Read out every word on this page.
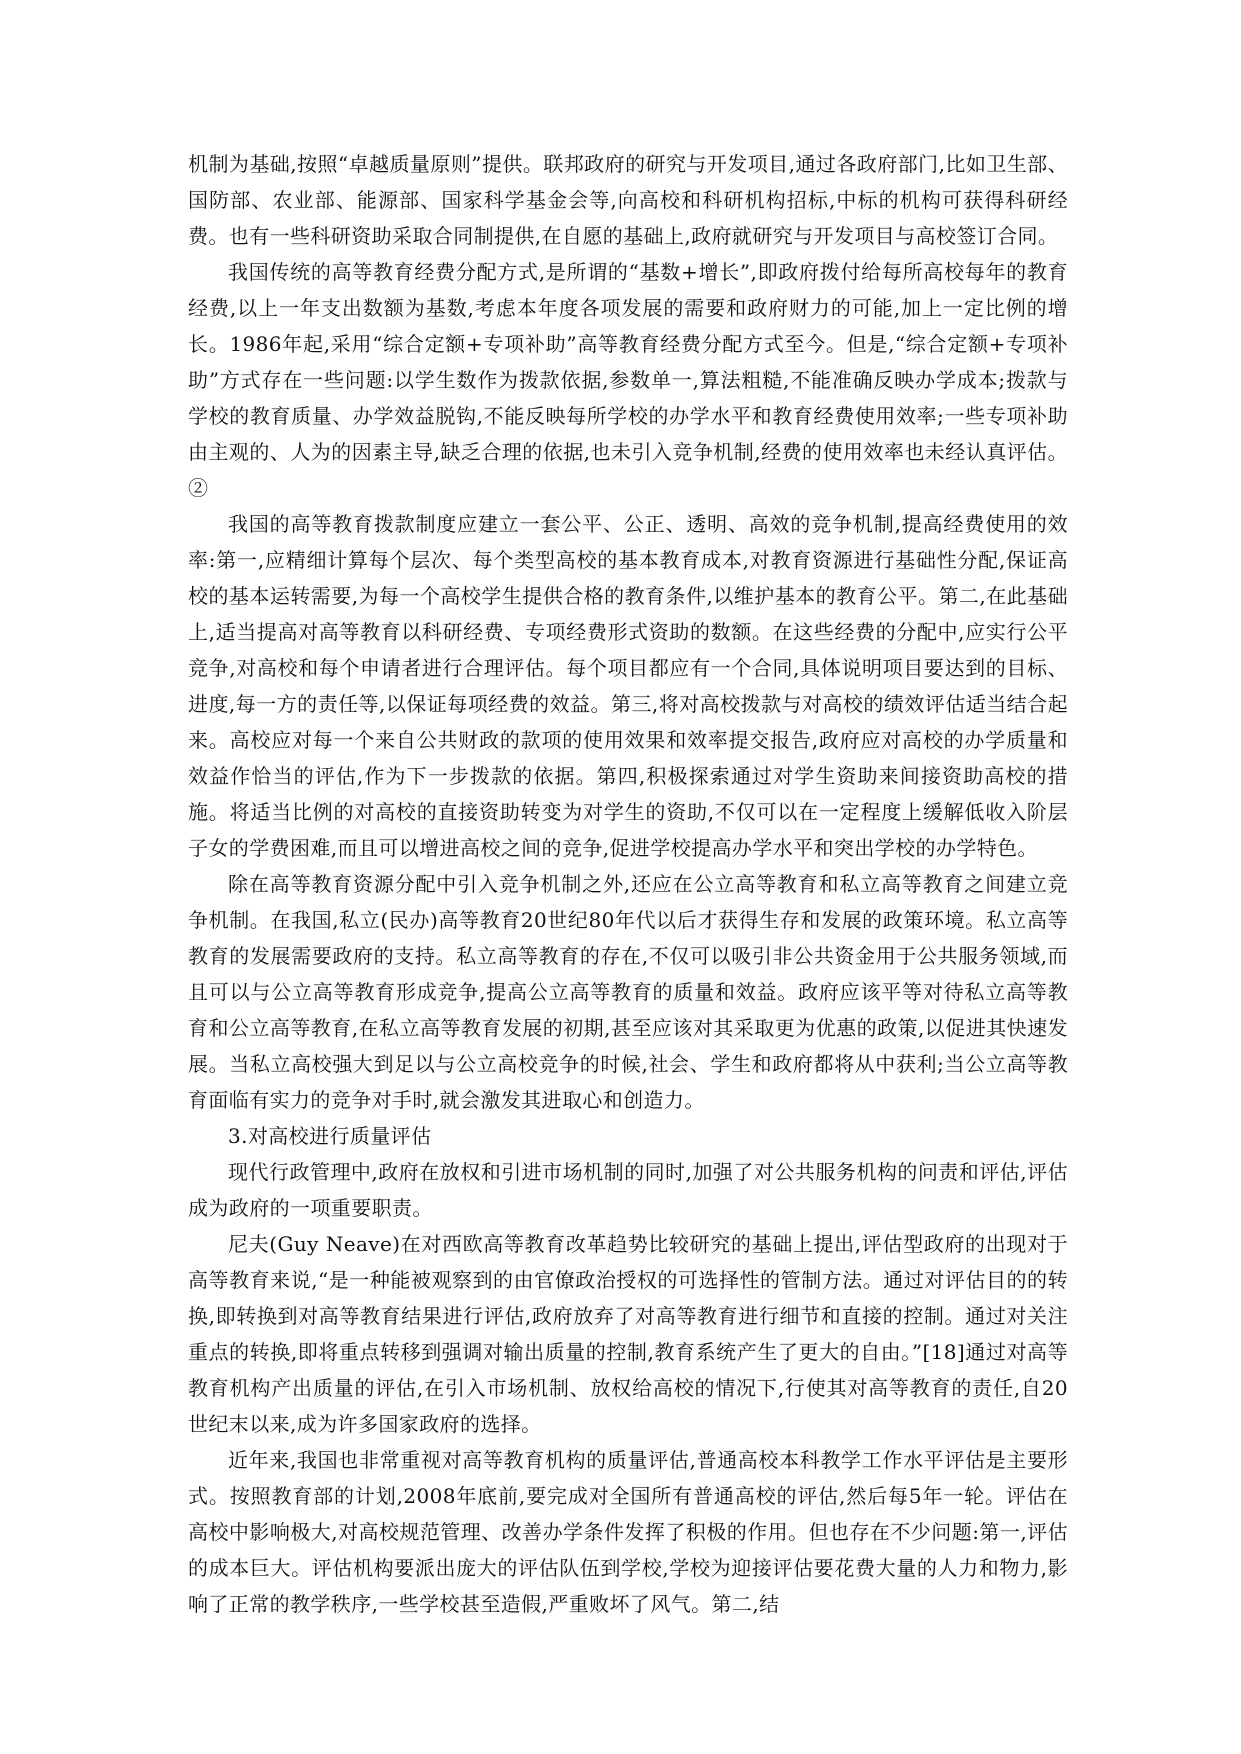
机制为基础,按照“卓越质量原则”提供。联邦政府的研究与开发项目,通过各政府部门,比如卫生部、国防部、农业部、能源部、国家科学基金会等,向高校和科研机构招标,中标的机构可获得科研经费。也有一些科研资助采取合同制提供,在自愿的基础上,政府就研究与开发项目与高校签订合同。

我国传统的高等教育经费分配方式,是所谓的“基数+增长”,即政府拨付给每所高校每年的教育经费,以上一年支出数额为基数,考虑本年度各项发展的需要和政府财力的可能,加上一定比例的增长。1986年起,采用“综合定额+专项补助”高等教育经费分配方式至今。但是,“综合定额+专项补助”方式存在一些问题:以学生数作为拨款依据,参数单一,算法粗糙,不能准确反映办学成本;拨款与学校的教育质量、办学效益脱钩,不能反映每所学校的办学水平和教育经费使用效率;一些专项补助由主观的、人为的因素主导,缺乏合理的依据,也未引入竞争机制,经费的使用效率也未经认真评估。②

我国的高等教育拨款制度应建立一套公平、公正、透明、高效的竞争机制,提高经费使用的效率:第一,应精细计算每个层次、每个类型高校的基本教育成本,对教育资源进行基础性分配,保证高校的基本运转需要,为每一个高校学生提供合格的教育条件,以维护基本的教育公平。第二,在此基础上,适当提高对高等教育以科研经费、专项经费形式资助的数额。在这些经费的分配中,应实行公平竞争,对高校和每个申请者进行合理评估。每个项目都应有一个合同,具体说明项目要达到的目标、进度,每一方的责任等,以保证每项经费的效益。第三,将对高校拨款与对高校的绩效评估适当结合起来。高校应对每一个来自公共财政的款项的使用效果和效率提交报告,政府应对高校的办学质量和效益作恰当的评估,作为下一步拨款的依据。第四,积极探索通过对学生资助来间接资助高校的措施。将适当比例的对高校的直接资助转变为对学生的资助,不仅可以在一定程度上缓解低收入阶层子女的学费困难,而且可以增进高校之间的竞争,促进学校提高办学水平和突出学校的办学特色。

除在高等教育资源分配中引入竞争机制之外,还应在公立高等教育和私立高等教育之间建立竞争机制。在我国,私立(民办)高等教育20世纪80年代以后才获得生存和发展的政策环境。私立高等教育的发展需要政府的支持。私立高等教育的存在,不仅可以吸引非公共资金用于公共服务领域,而且可以与公立高等教育形成竞争,提高公立高等教育的质量和效益。政府应该平等对待私立高等教育和公立高等教育,在私立高等教育发展的初期,甚至应该对其采取更为优惠的政策,以促进其快速发展。当私立高校强大到足以与公立高校竞争的时候,社会、学生和政府都将从中获利;当公立高等教育面临有实力的竞争对手时,就会激发其进取心和创造力。

3.对高校进行质量评估

现代行政管理中,政府在放权和引进市场机制的同时,加强了对公共服务机构的问责和评估,评估成为政府的一项重要职责。

尼夫(Guy Neave)在对西欧高等教育改革趋势比较研究的基础上提出,评估型政府的出现对于高等教育来说,“是一种能被观察到的由官僚政治授权的可选择性的管制方法。通过对评估目的的转换,即转换到对高等教育结果进行评估,政府放弃了对高等教育进行细节和直接的控制。通过对关注重点的转换,即将重点转移到强调对输出质量的控制,教育系统产生了更大的自由。”[18]通过对高等教育机构产出质量的评估,在引入市场机制、放权给高校的情况下,行使其对高等教育的责任,自20世纪末以来,成为许多国家政府的选择。

近年来,我国也非常重视对高等教育机构的质量评估,普通高校本科教学工作水平评估是主要形式。按照教育部的计划,2008年底前,要完成对全国所有普通高校的评估,然后每5年一轮。评估在高校中影响极大,对高校规范管理、改善办学条件发挥了积极的作用。但也存在不少问题:第一,评估的成本巨大。评估机构要派出庞大的评估队伍到学校,学校为迎接评估要花费大量的人力和物力,影响了正常的教学秩序,一些学校甚至造假,严重败坏了风气。第二,结
